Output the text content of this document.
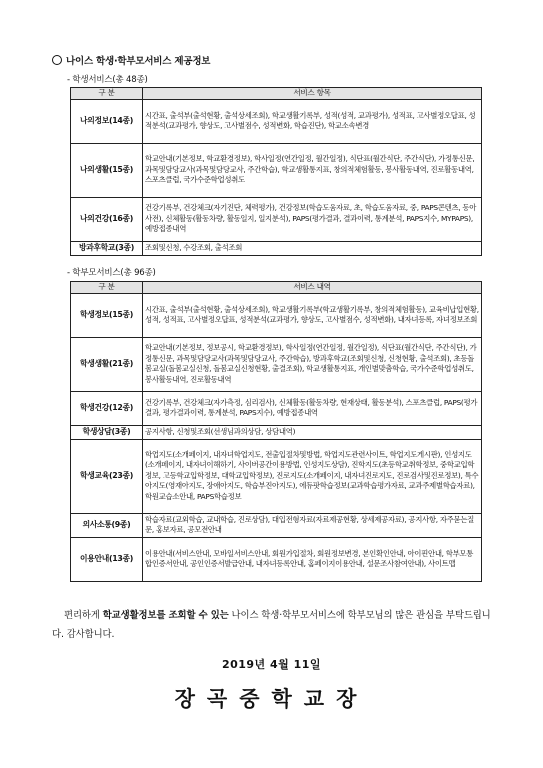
나이스 학생·학부모서비스 제공정보
- 학생서비스(총 48종)
구 분	서비스 항목
나의정보(14종)	시간표, 출석부(출석현황, 출석상세조회), 학교생활기록부, 성적(성적, 교과평가), 성적표, 고사별정오답표, 성적분석(교과평가, 향상도, 고사별점수, 성적변화, 학습진단), 학교소속변경
나의생활(15종)	학교안내(기본정보, 학교환경정보), 학사일정(연간일정, 월간일정), 식단표(월간식단, 주간식단), 가정통신문, 과목및담당교사(과목및담당교사, 주간학습), 학교생활통지표, 창의적체험활동, 봉사활동내역, 진로활동내역, 스포츠클럽, 국가수준학업성취도
나의건강(16종)	건강기록부, 건강체크(자기진단, 체력평가), 건강정보(학습도움자료, 초, 학습도움자료, 중, PAPS콘텐츠, 동아사전), 신체활동(활동차량, 활동일지, 일지분석), PAPS(평가결과, 결과이력, 통계분석, PAPS지수, MYPAPS), 예방접종내역
방과후학교(3종)	조회및신청, 수강조회, 출석조회
- 학부모서비스(총 96종)
구 분	서비스 내역
학생정보(15종)	시간표, 출석부(출석현황, 출석상세조회), 학교생활기록부(학교생활기록부, 창의적체험활동), 교육비납입현황, 성적, 성적표, 고사별정오답표, 성적분석(교과평가, 향상도, 고사별점수, 성적변화), 내자녀등록, 자녀정보조회
학생생활(21종)	학교안내(기본정보, 정보공시, 학교환경정보), 학사일정(연간일정, 월간일정), 식단표(월간식단, 주간식단), 가정통신문, 과목및담당교사(과목및담당교사, 주간학습), 방과후학교(조회및신청, 신청현황, 출석조회), 초등돌봄교실(돌봄교실신청, 돌봄교실신청현황, 출결조회), 학교생활통지표, 개인별맞춤학습, 국가수준학업성취도, 봉사활동내역, 진로활동내역
학생건강(12종)	건강기록부, 건강체크(자가측정, 심리검사), 신체활동(활동차량, 현재상태, 활동분석), 스포츠클럽, PAPS(평가결과, 평가결과이력, 통계분석, PAPS지수), 예방접종내역
학생상담(3종)	공지사항, 신청및조회(선생님과의상담, 상담내역)
학생교육(23종)	학업지도(소개페이지, 내자녀학업지도, 전출입절차및방법, 학업지도관련사이트, 학업지도게시판), 인성지도(소개페이지, 내자녀이해하기, 사이버공간이용방법, 인성지도상담), 진학지도(초등학교취학정보, 중학교입학정보, 고등학교입학정보, 대학교입학정보), 진로지도(소개페이지, 내자녀진로지도, 진로검사및진로정보), 특수아지도(영재아지도, 장애아지도, 학습부진아지도), 에듀팟학습정보(교과학습평가자료, 교과주제별학습자료), 학원교습소안내, PAPS학습정보
의사소통(9종)	학습자료(교외학습, 교내학습, 진로상담), 대입전형자료(자료제공현황, 상세제공자료), 공지사항, 자주묻는질문, 홍보자료, 공모전안내
이용안내(13종)	이용안내(서비스안내, 모바일서비스안내, 회원가입절차, 회원정보변경, 본인확인안내, 아이핀안내, 학부모통합인증서안내, 공인인증서발급안내, 내자녀등록안내, 홈페이지이용안내, 설문조사참여안내), 사이트맵
편리하게 학교생활정보를 조회할 수 있는 나이스 학생·학부모서비스에 학부모님의 많은 관심을 부탁드립니다. 감사합니다.
2019년 4월 11일
장곡중학교장
